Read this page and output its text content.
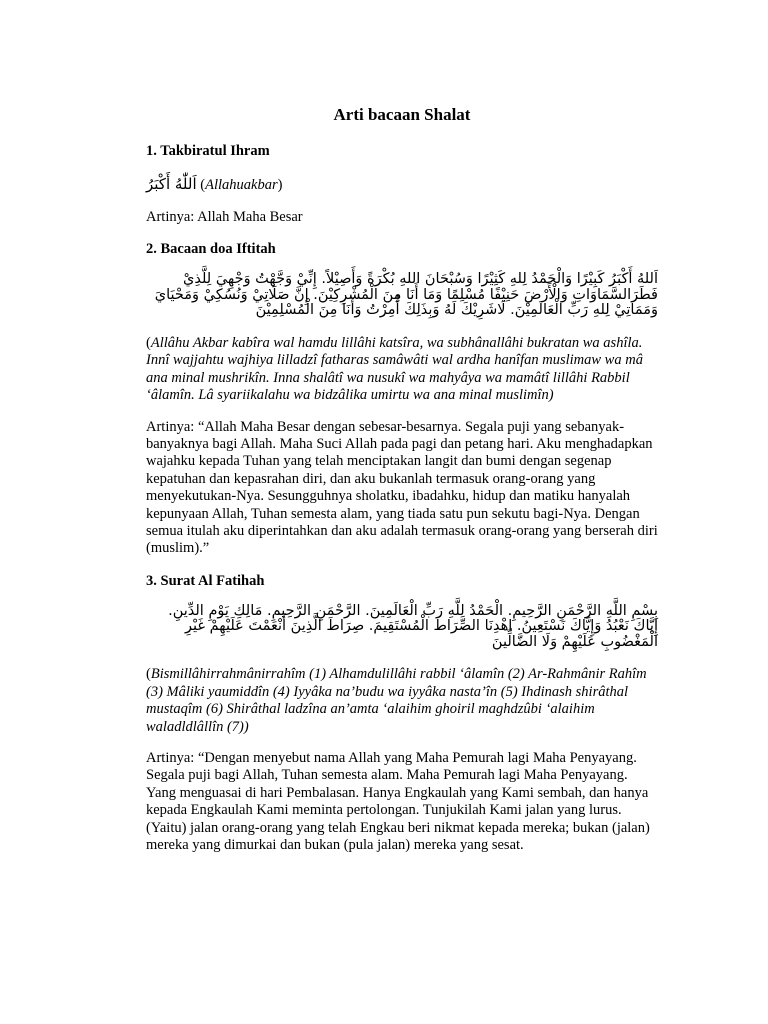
Arti bacaan Shalat
1. Takbiratul Ihram
اَللّٰهُ أَكْبَرُ (Allahuakbar)
Artinya: Allah Maha Besar
2. Bacaan doa Iftitah
اَللهُ أَكْبَرُ كَبِيْرًا وَالْحَمْدُ لِلهِ كَثِيْرًا وَسُبْحَانَ اللهِ بُكْرَةً وَأَصِيْلاً. إِنِّيْ وَجَّهْتُ وَجْهِيَ لِلَّذِيْ فَطَرَالسَّمَاوَاتِ وَالْأَرْضَ حَنِيْفًا مُسْلِمًا وَمَا أَنَا مِنَ الْمُشْرِكِيْنَ. إِنَّ صَلَاتِيْ وَنُسُكِيْ وَمَحْيَايَ وَمَمَاتِيْ لِلهِ رَبِّ الْعَالَمِيْنَ. لَاشَرِيْكَ لَهُ وَبِذَلِكَ أُمِرْتُ وَأَنَا مِنَ الْمُسْلِمِيْنَ
(Allâhu Akbar kabîra wal hamdu lillâhi katsîra, wa subhânallâhi bukratan wa ashîla. Innî wajjahtu wajhiya lilladzî fatharas samâwâti wal ardha hanîfan muslimaw wa mâ ana minal mushrikîn. Inna shalâtî wa nusukî wa mahyâya wa mamâtî lillâhi Rabbil ‘âlamîn. Lâ syariikalahu wa bidzâlika umirtu wa ana minal muslimîn)
Artinya: “Allah Maha Besar dengan sebesar-besarnya. Segala puji yang sebanyak-banyaknya bagi Allah. Maha Suci Allah pada pagi dan petang hari. Aku menghadapkan wajahku kepada Tuhan yang telah menciptakan langit dan bumi dengan segenap kepatuhan dan kepasrahan diri, dan aku bukanlah termasuk orang-orang yang menyekutukan-Nya. Sesungguhnya sholatku, ibadahku, hidup dan matiku hanyalah kepunyaan Allah, Tuhan semesta alam, yang tiada satu pun sekutu bagi-Nya. Dengan semua itulah aku diperintahkan dan aku adalah termasuk orang-orang yang berserah diri (muslim).”
3. Surat Al Fatihah
بِسْمِ اللَّهِ الرَّحْمَنِ الرَّحِيمِ. الْحَمْدُ لِلَّهِ رَبِّ الْعَالَمِينَ. الرَّحْمَنِ الرَّحِيمِ. مَالِكِ يَوْمِ الدِّينِ. إِيَّاكَ نَعْبُدُ وَإِيَّاكَ نَسْتَعِينُ. اهْدِنَا الصِّرَاطَ الْمُسْتَقِيمَ. صِرَاطَ الَّذِينَ أَنْعَمْتَ عَلَيْهِمْ غَيْرِ الْمَغْضُوبِ عَلَيْهِمْ وَلَا الضَّالِّينَ
(Bismillâhirrahmânirrahîm (1) Alhamdulillâhi rabbil ‘âlamîn (2) Ar-Rahmânir Rahîm (3) Mâliki yaumiddîn (4) Iyyâka na’budu wa iyyâka nasta’în (5) Ihdinash shirâthal mustaqîm (6) Shirâthal ladzîna an’amta ‘alaihim ghoiril maghdzûbi ‘alaihim waladldlâllîn (7))
Artinya: “Dengan menyebut nama Allah yang Maha Pemurah lagi Maha Penyayang. Segala puji bagi Allah, Tuhan semesta alam. Maha Pemurah lagi Maha Penyayang. Yang menguasai di hari Pembalasan. Hanya Engkaulah yang Kami sembah, dan hanya kepada Engkaulah Kami meminta pertolongan. Tunjukilah Kami jalan yang lurus. (Yaitu) jalan orang-orang yang telah Engkau beri nikmat kepada mereka; bukan (jalan) mereka yang dimurkai dan bukan (pula jalan) mereka yang sesat.
